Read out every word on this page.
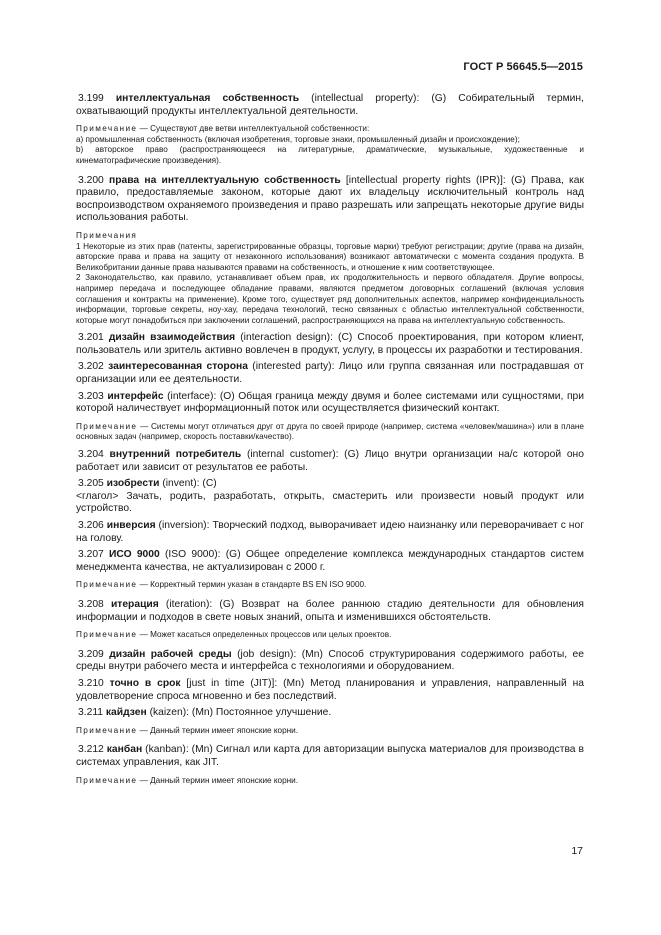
ГОСТ Р 56645.5—2015

3.199 интеллектуальная собственность (intellectual property): (G) Собирательный термин, охватывающий продукты интеллектуальной деятельности.

Примечание — Существуют две ветви интеллектуальной собственности:

а) промышленная собственность (включая изобретения, торговые знаки, промышленный дизайн и происхождение);

b) авторское право (распространяющееся на литературные, драматические, музыкальные, художественные и кинематографические произведения).

3.200 права на интеллектуальную собственность [intellectual property rights (IPR)]: (G) Права, как правило, предоставляемые законом, которые дают их владельцу исключительный контроль над воспроизводством охраняемого произведения и право разрешать или запрещать некоторые другие виды использования работы.

Примечания

1 Некоторые из этих прав (патенты, зарегистрированные образцы, торговые марки) требуют регистрации; другие (права на дизайн, авторские права и права на защиту от незаконного использования) возникают автоматически с момента создания продукта. В Великобритании данные права называются правами на собственность, и отношение к ним соответствующее.

2 Законодательство, как правило, устанавливает объем прав, их продолжительность и первого обладателя. Другие вопросы, например передача и последующее обладание правами, являются предметом договорных соглашений (включая условия соглашения и контракты на применение). Кроме того, существует ряд дополнительных аспектов, например конфиденциальность информации, торговые секреты, ноу-хау, передача технологий, тесно связанных с областью интеллектуальной собственности, которые могут понадобиться при заключении соглашений, распространяющихся на права на интеллектуальную собственность.

3.201 дизайн взаимодействия (interaction design): (С) Способ проектирования, при котором клиент, пользователь или зритель активно вовлечен в продукт, услугу, в процессы их разработки и тестирования.

3.202 заинтересованная сторона (interested party): Лицо или группа связанная или пострадавшая от организации или ее деятельности.

3.203 интерфейс (interface): (О) Общая граница между двумя и более системами или сущностями, при которой наличествует информационный поток или осуществляется физический контакт.

Примечание — Системы могут отличаться друг от друга по своей природе (например, система «человек/машина») или в плане основных задач (например, скорость поставки/качество).

3.204 внутренний потребитель (internal customer): (G) Лицо внутри организации на/с которой оно работает или зависит от результатов ее работы.

3.205 изобрести (invent): (С)

<глагол> Зачать, родить, разработать, открыть, смастерить или произвести новый продукт или устройство.

3.206 инверсия (inversion): Творческий подход, выворачивает идею наизнанку или переворачивает с ног на голову.

3.207 ИСО 9000 (ISO 9000): (G) Общее определение комплекса международных стандартов систем менеджмента качества, не актуализирован с 2000 г.

Примечание — Корректный термин указан в стандарте BS EN ISO 9000.

3.208 итерация (iteration): (G) Возврат на более раннюю стадию деятельности для обновления информации и подходов в свете новых знаний, опыта и изменившихся обстоятельств.

Примечание — Может касаться определенных процессов или целых проектов.

3.209 дизайн рабочей среды (job design): (Mn) Способ структурирования содержимого работы, ее среды внутри рабочего места и интерфейса с технологиями и оборудованием.

3.210 точно в срок [just in time (JIT)]: (Mn) Метод планирования и управления, направленный на удовлетворение спроса мгновенно и без последствий.

3.211 кайдзен (kaizen): (Mn) Постоянное улучшение.

Примечание — Данный термин имеет японские корни.

3.212 канбан (kanban): (Mn) Сигнал или карта для авторизации выпуска материалов для производства в системах управления, как JIT.

Примечание — Данный термин имеет японские корни.

17
